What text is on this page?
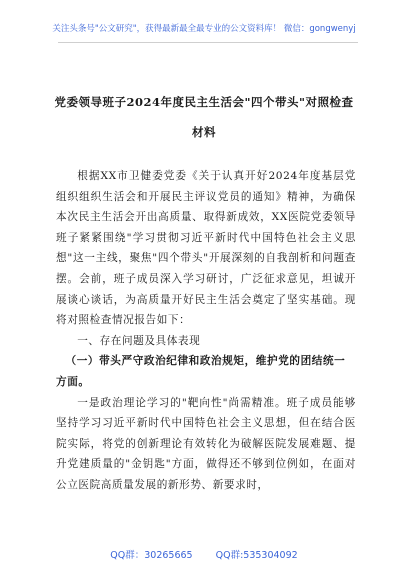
关注头条号"公文研究"，获得最新最全最专业的公文资料库！ 微信：gongwenyj
党委领导班子2024年度民主生活会"四个带头"对照检查
材料

根据XX市卫健委党委《关于认真开好2024年度基层党组织组织生活会和开展民主评议党员的通知》精神，为确保本次民主生活会开出高质量、取得新成效，XX医院党委领导班子紧紧围绕"学习贯彻习近平新时代中国特色社会主义思想"这一主线，聚焦"四个带头"开展深刻的自我剖析和问题查摆。会前，班子成员深入学习研讨，广泛征求意见，坦诚开展谈心谈话，为高质量开好民主生活会奠定了坚实基础。现将对照检查情况报告如下：

一、存在问题及具体表现

（一）带头严守政治纪律和政治规矩，维护党的团结统一方面。

一是政治理论学习的"靶向性"尚需精准。班子成员能够坚持学习习近平新时代中国特色社会主义思想，但在结合医院实际，将党的创新理论有效转化为破解医院发展难题、提升党建质量的"金钥匙"方面，做得还不够到位例如，在面对公立医院高质量发展的新形势、新要求时，

QQ群：30265665 QQ群:535304092
